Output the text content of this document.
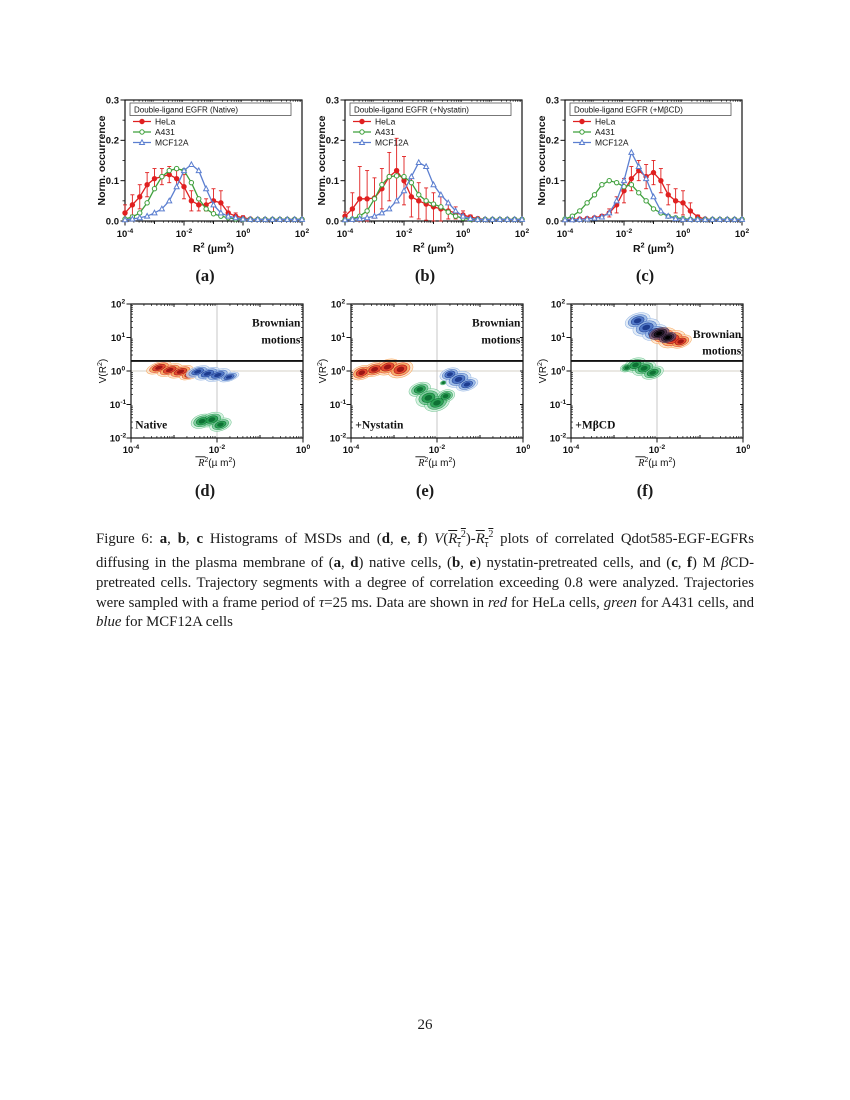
$10^{-4}$	$10^{-2}$	$10^0$	$10^2$
0.0
0.1
0.2
0.3
Double-ligand EGFR (Native)
HeLa
A431
MCF12A
$R^2$ (µm$^2$)
Norm. occurrence
(a)
$10^{-4}$	$10^{-2}$	$10^0$	$10^2$
0.0
0.1
0.2
0.3
Double-ligand EGFR (+Nystatin)
HeLa
A431
MCF12A
$R^2$ (µm$^2$)
Norm. occurrence
(b)
$10^{-4}$	$10^{-2}$	$10^0$	$10^2$
0.0
0.1
0.2
0.3
Double-ligand EGFR (+MβCD)
HeLa
A431
MCF12A
$R^2$ (µm$^2$)
Norm. occurrence
(c)
$10^{-4}$	$10^{-2}$	$10^0$
$10^{-2}$
$10^{-1}$
$10^0$
$10^1$
$10^2$
Native
Brownian
motions
$R^2(\mu$ $m^2$)
$V(R^2)$
(d)
$10^{-4}$	$10^{-2}$	$10^0$
$10^{-2}$
$10^{-1}$
$10^0$
$10^1$
$10^2$
+Nystatin
Brownian
motions
$R^2(\mu$ $m^2$)
$V(R^2)$
(e)
$10^{-4}$	$10^{-2}$	$10^0$
$10^{-2}$
$10^{-1}$
$10^0$
$10^1$
$10^2$
+MβCD
Brownian
motions
$R^2(\mu$ $m^2$)
$V(R^2)$
(f)

Figure 6: a, b, c Histograms of MSDs and (d, e, f) $V(R_\tau^2)-R_\tau^2$ plots of correlated Qdot585-EGF-EGFRs diffusing in the plasma membrane of (a, d) native cells, (b, e) nystatin-pretreated cells, and (c, f) M βCD-pretreated cells. Trajectory segments with a degree of correlation exceeding 0.8 were analyzed. Trajectories were sampled with a frame period of τ=25 ms. Data are shown in red for HeLa cells, green for A431 cells, and blue for MCF12A cells

26
